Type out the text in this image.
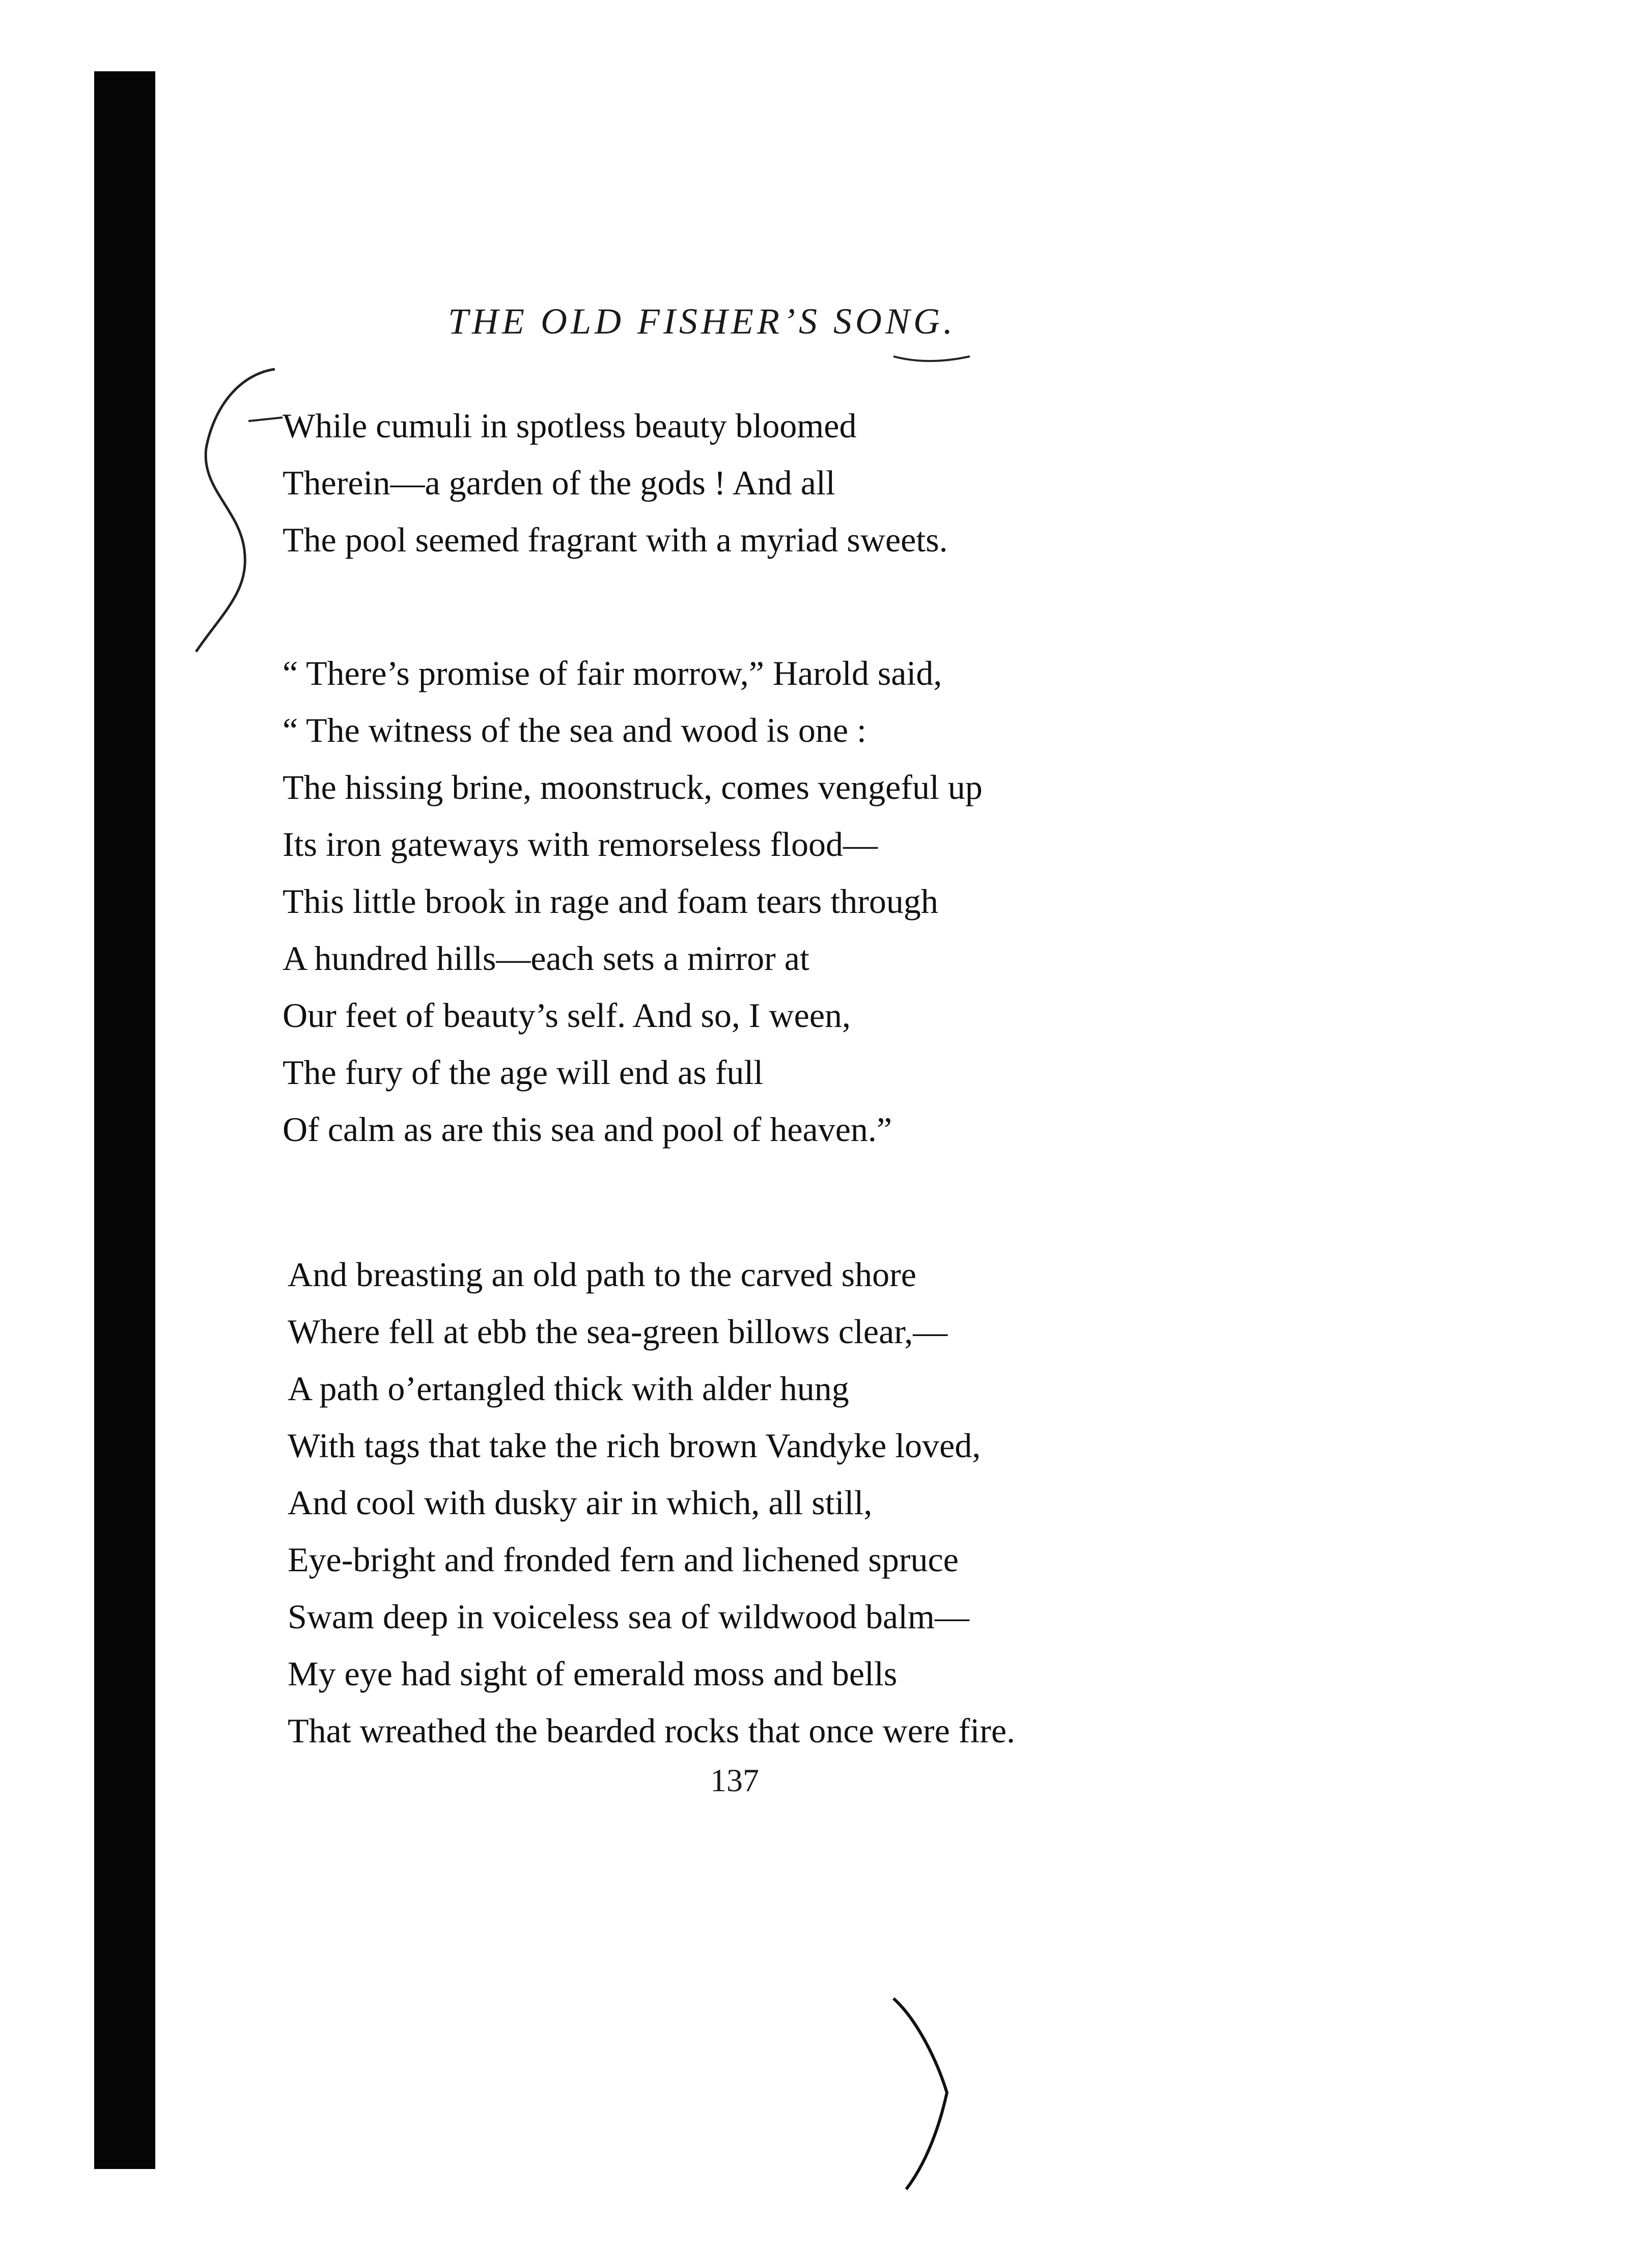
THE OLD FISHER’S SONG.
While cumuli in spotless beauty bloomed
Therein—a garden of the gods ! And all
The pool seemed fragrant with a myriad sweets.
“ There’s promise of fair morrow,” Harold said,
“ The witness of the sea and wood is one :
The hissing brine, moonstruck, comes vengeful up
Its iron gateways with remorseless flood—
This little brook in rage and foam tears through
A hundred hills—each sets a mirror at
Our feet of beauty’s self. And so, I ween,
The fury of the age will end as full
Of calm as are this sea and pool of heaven.”
And breasting an old path to the carved shore
Where fell at ebb the sea-green billows clear,—
A path o’ertangled thick with alder hung
With tags that take the rich brown Vandyke loved,
And cool with dusky air in which, all still,
Eye-bright and fronded fern and lichened spruce
Swam deep in voiceless sea of wildwood balm—
My eye had sight of emerald moss and bells
That wreathed the bearded rocks that once were fire.
137
